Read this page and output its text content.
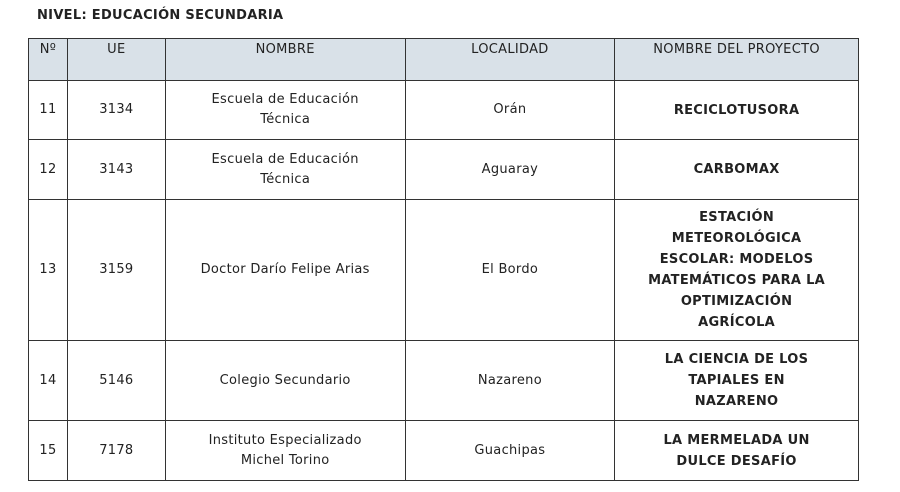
NIVEL: EDUCACIÓN SECUNDARIA
Nº	UE	NOMBRE	LOCALIDAD	NOMBRE DEL PROYECTO

11	3134	Escuela de Educación Técnica	Orán	RECICLOTUSORA

12	3143	Escuela de Educación Técnica	Aguaray	CARBOMAX

13	3159	Doctor Darío Felipe Arias	El Bordo	ESTACIÓN METEOROLÓGICA ESCOLAR: MODELOS MATEMÁTICOS PARA LA OPTIMIZACIÓN AGRÍCOLA

14	5146	Colegio Secundario	Nazareno	LA CIENCIA DE LOS TAPIALES EN NAZARENO

15	7178	Instituto Especializado Michel Torino	Guachipas	LA MERMELADA UN DULCE DESAFÍO
